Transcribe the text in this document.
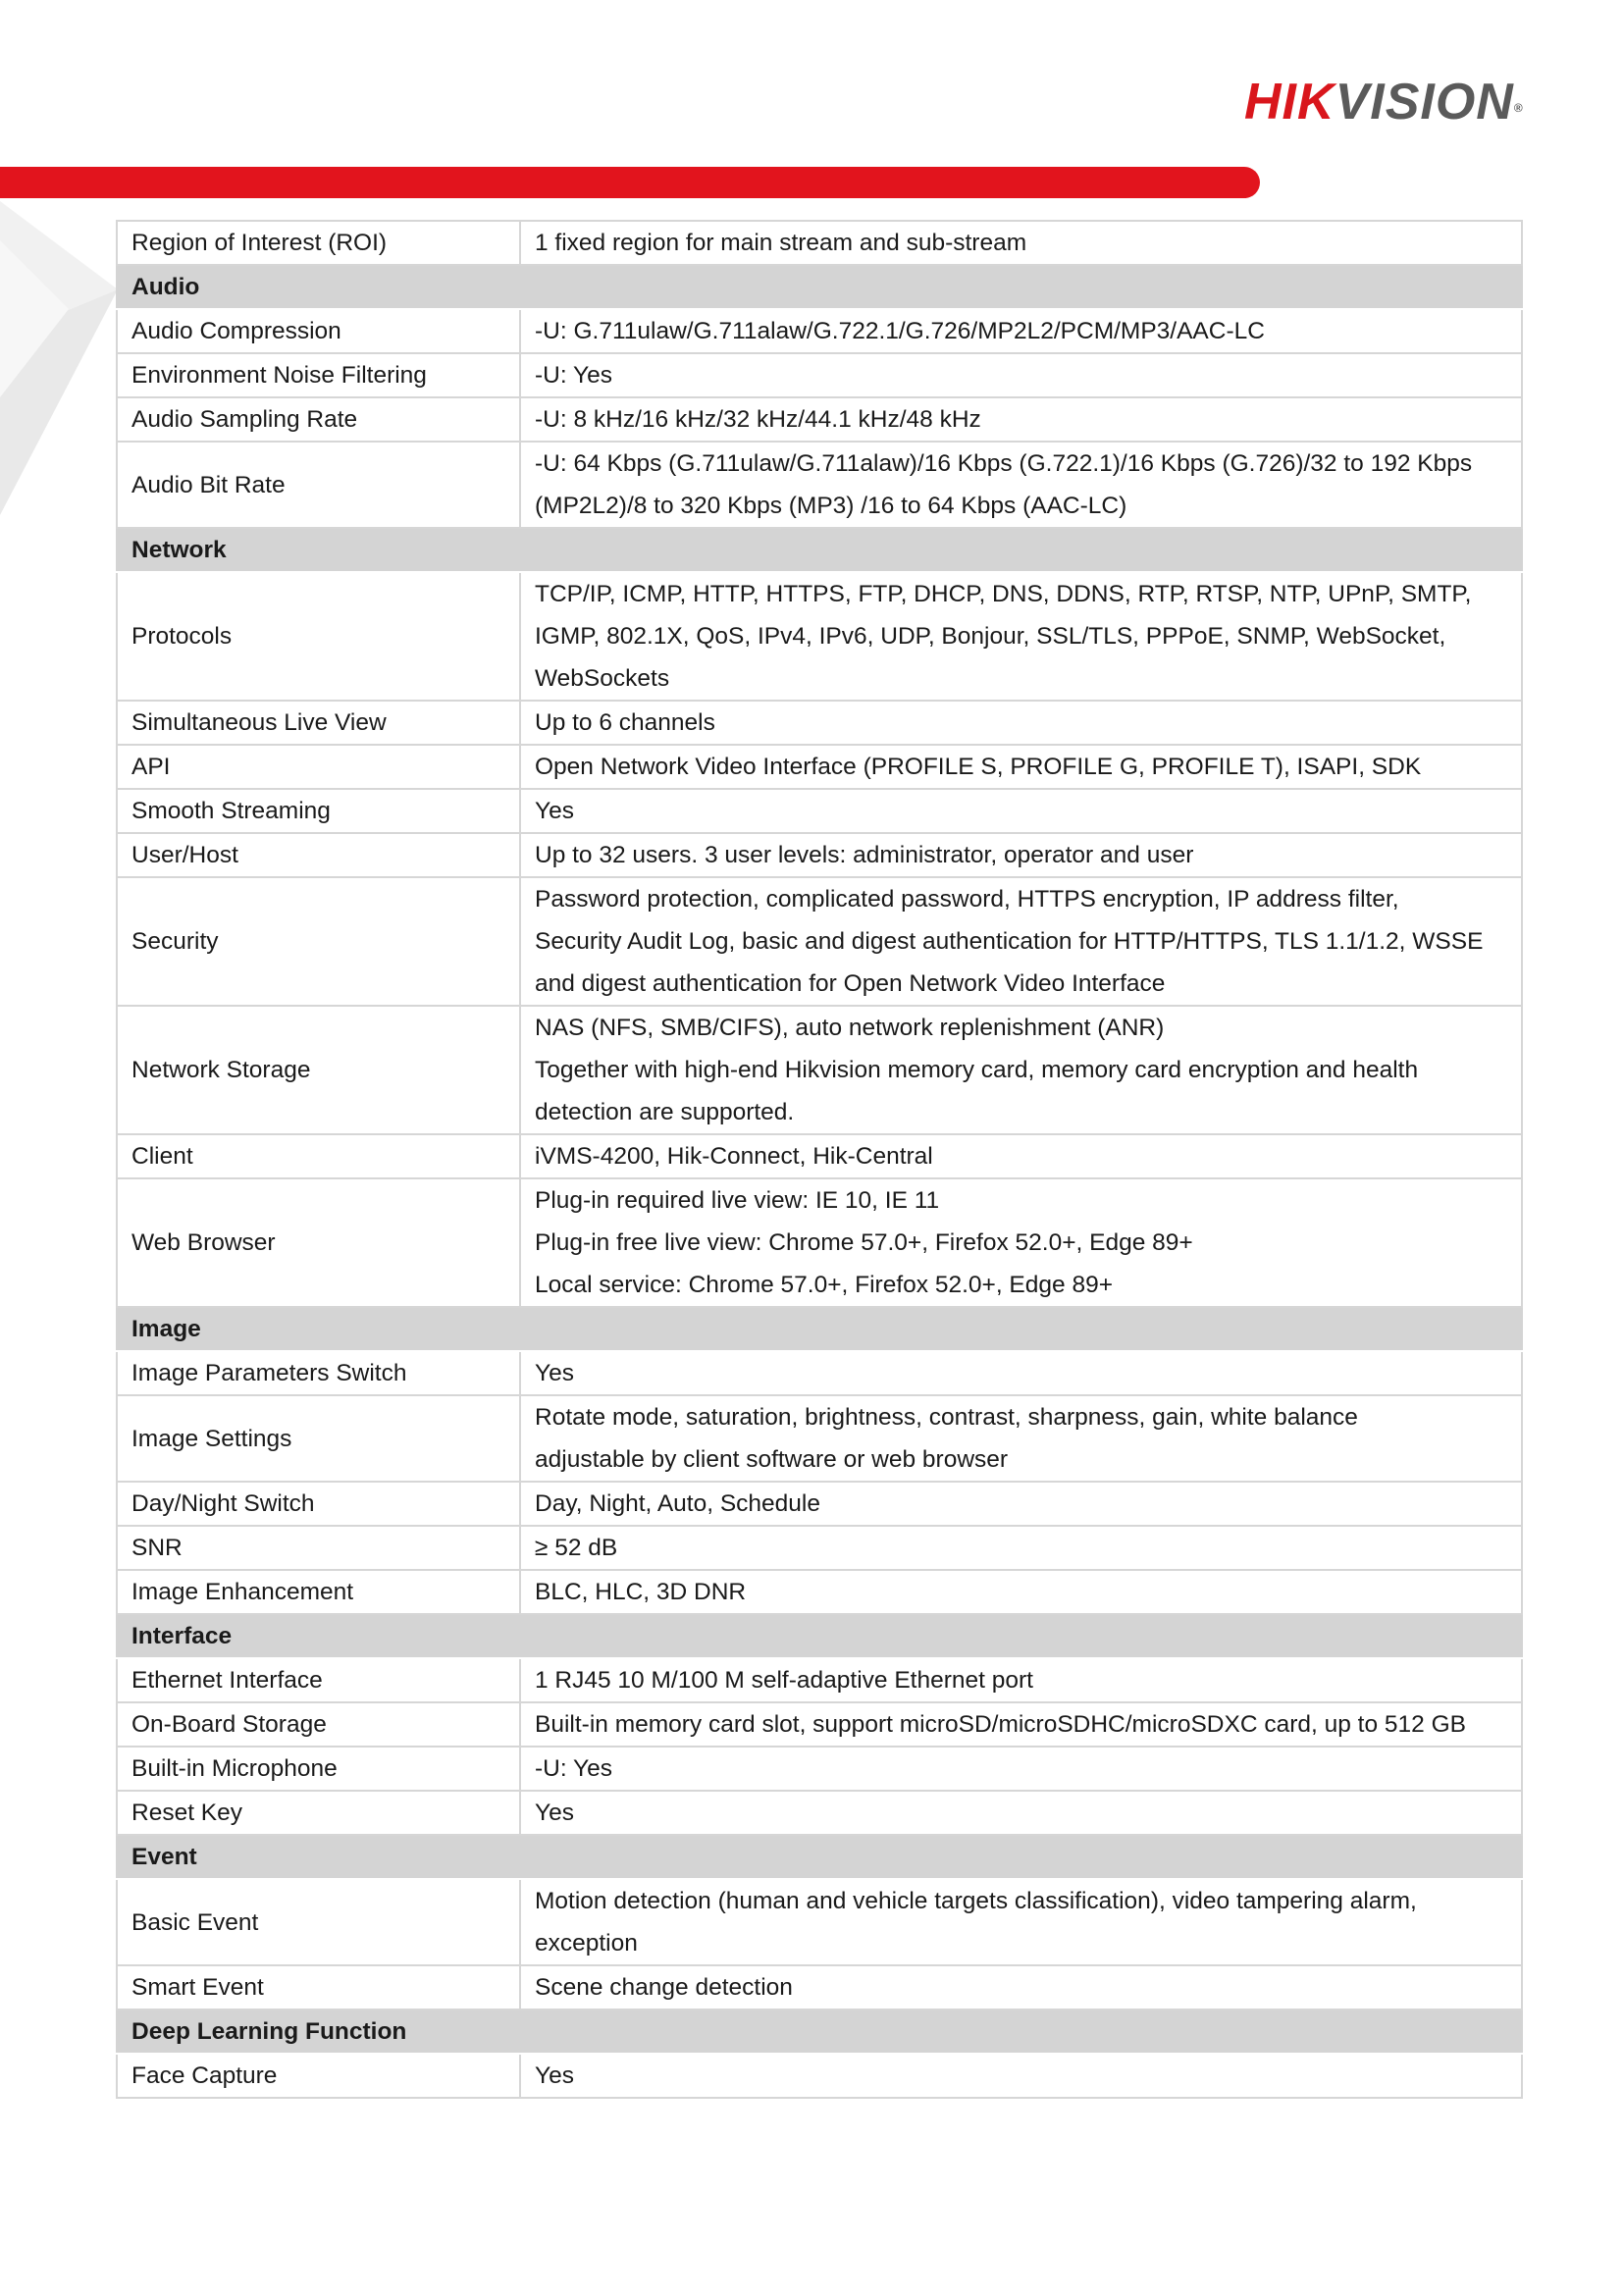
HIKVISION®
Region of Interest (ROI)	1 fixed region for main stream and sub-stream

Audio	
Audio Compression	-U: G.711ulaw/G.711alaw/G.722.1/G.726/MP2L2/PCM/MP3/AAC-LC

Environment Noise Filtering	-U: Yes

Audio Sampling Rate	-U: 8 kHz/16 kHz/32 kHz/44.1 kHz/48 kHz

Audio Bit Rate	-U: 64 Kbps (G.711ulaw/G.711alaw)/16 Kbps (G.722.1)/16 Kbps (G.726)/32 to 192 Kbps
(MP2L2)/8 to 320 Kbps (MP3) /16 to 64 Kbps (AAC-LC)

Network	
Protocols	TCP/IP, ICMP, HTTP, HTTPS, FTP, DHCP, DNS, DDNS, RTP, RTSP, NTP, UPnP, SMTP,
IGMP, 802.1X, QoS, IPv4, IPv6, UDP, Bonjour, SSL/TLS, PPPoE, SNMP, WebSocket,
WebSockets

Simultaneous Live View	Up to 6 channels

API	Open Network Video Interface (PROFILE S, PROFILE G, PROFILE T), ISAPI, SDK

Smooth Streaming	Yes

User/Host	Up to 32 users. 3 user levels: administrator, operator and user

Security	Password protection, complicated password, HTTPS encryption, IP address filter,
Security Audit Log, basic and digest authentication for HTTP/HTTPS, TLS 1.1/1.2, WSSE
and digest authentication for Open Network Video Interface

Network Storage	NAS (NFS, SMB/CIFS), auto network replenishment (ANR)
Together with high-end Hikvision memory card, memory card encryption and health
detection are supported.

Client	iVMS-4200, Hik-Connect, Hik-Central

Web Browser	Plug-in required live view: IE 10, IE 11
Plug-in free live view: Chrome 57.0+, Firefox 52.0+, Edge 89+
Local service: Chrome 57.0+, Firefox 52.0+, Edge 89+

Image	
Image Parameters Switch	Yes

Image Settings	Rotate mode, saturation, brightness, contrast, sharpness, gain, white balance
adjustable by client software or web browser

Day/Night Switch	Day, Night, Auto, Schedule

SNR	≥ 52 dB

Image Enhancement	BLC, HLC, 3D DNR

Interface	
Ethernet Interface	1 RJ45 10 M/100 M self-adaptive Ethernet port

On-Board Storage	Built-in memory card slot, support microSD/microSDHC/microSDXC card, up to 512 GB

Built-in Microphone	-U: Yes

Reset Key	Yes

Event	
Basic Event	Motion detection (human and vehicle targets classification), video tampering alarm,
exception

Smart Event	Scene change detection

Deep Learning Function	
Face Capture	Yes
